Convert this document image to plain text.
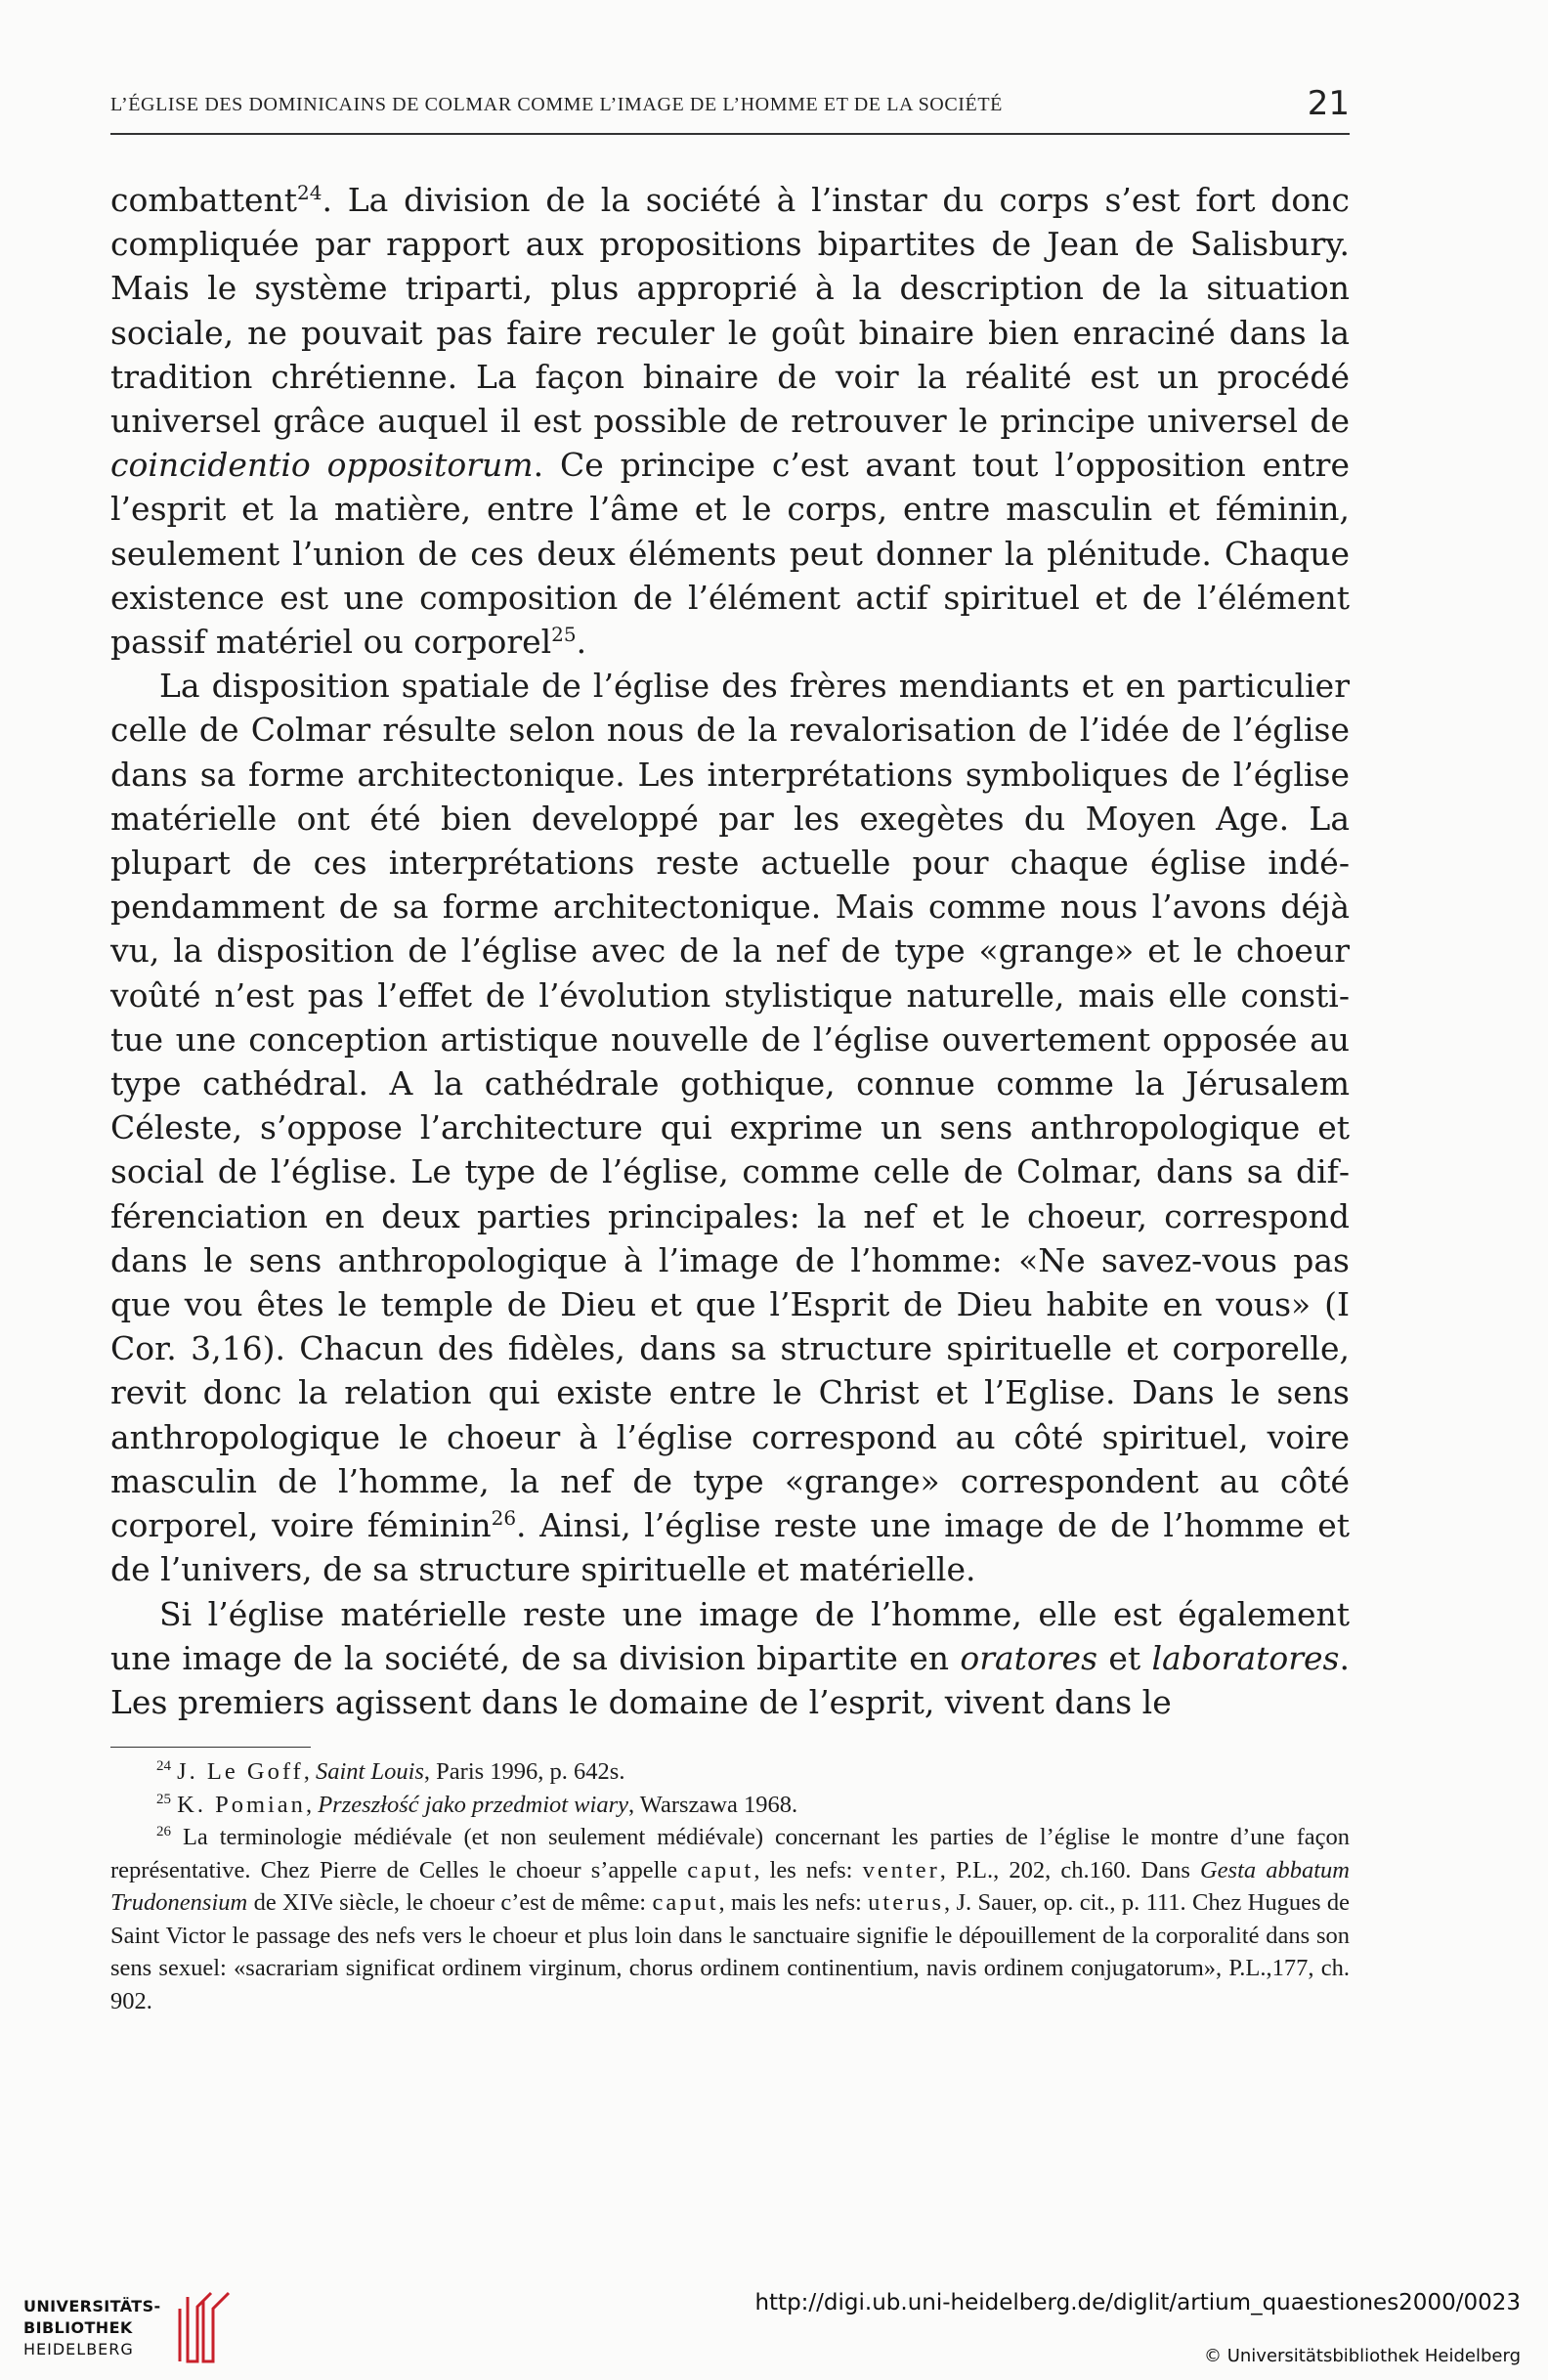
L’ÉGLISE DES DOMINICAINS DE COLMAR COMME L’IMAGE DE L’HOMME ET DE LA SOCIÉTÉ	21

combattent$^{24}$. La division de la société à l’instar du corps s’est fort donc compliquée par rapport aux propositions bipartites de Jean de Salisbury. Mais le système triparti, plus approprié à la description de la situation sociale, ne pouvait pas faire reculer le goût binaire bien enraciné dans la tradition chrétienne. La façon binaire de voir la réalité est un procédé universel grâce auquel il est possible de retrouver le principe universel de coincidentio oppositorum. Ce principe c’est avant tout l’opposition entre l’esprit et la matière, entre l’âme et le corps, entre masculin et féminin, seulement l’union de ces deux éléments peut donner la plénitude. Chaque existence est une composition de l’élément actif spirituel et de l’élément passif matériel ou corporel$^{25}$.

La disposition spatiale de l’église des frères mendiants et en particulier celle de Colmar résulte selon nous de la revalorisation de l’idée de l’église dans sa forme architectonique. Les interprétations symboliques de l’église matérielle ont été bien developpé par les exegètes du Moyen Age. La plupart de ces interprétations reste actuelle pour chaque église indépendamment de sa forme architectonique. Mais comme nous l’avons déjà vu, la disposition de l’église avec de la nef de type «grange» et le choeur voûté n’est pas l’effet de l’évolution stylistique naturelle, mais elle constitue une conception artistique nouvelle de l’église ouvertement opposée au type cathédral. A la cathédrale gothique, connue comme la Jérusalem Céleste, s’oppose l’architecture qui exprime un sens anthropologique et social de l’église. Le type de l’église, comme celle de Colmar, dans sa différenciation en deux parties principales: la nef et le choeur, correspond dans le sens anthropologique à l’image de l’homme: «Ne savez-vous pas que vou êtes le temple de Dieu et que l’Esprit de Dieu habite en vous» (I Cor. 3,16). Chacun des fidèles, dans sa structure spirituelle et corporelle, revit donc la relation qui existe entre le Christ et l’Eglise. Dans le sens anthropologique le choeur à l’église correspond au côté spirituel, voire masculin de l’homme, la nef de type «grange» correspondent au côté corporel, voire féminin$^{26}$. Ainsi, l’église reste une image de de l’homme et de l’univers, de sa structure spirituelle et matérielle.

Si l’église matérielle reste une image de l’homme, elle est également une image de la société, de sa division bipartite en oratores et laboratores. Les premiers agissent dans le domaine de l’esprit, vivent dans le

$^{24}$ J. Le Goff, Saint Louis, Paris 1996, p. 642s.

$^{25}$ K. Pomian, Przeszłość jako przedmiot wiary, Warszawa 1968.

$^{26}$ La terminologie médiévale (et non seulement médiévale) concernant les parties de l’église le montre d’une façon représentative. Chez Pierre de Celles le choeur s’appelle caput, les nefs: venter, P.L., 202, ch.160. Dans Gesta abbatum Trudonensium de XIVe siècle, le choeur c’est de même: caput, mais les nefs: uterus, J. Sauer, op. cit., p. 111. Chez Hugues de Saint Victor le passage des nefs vers le choeur et plus loin dans le sanctuaire signifie le dépouillement de la corporalité dans son sens sexuel: «sacrariam significat ordinem virginum, chorus ordinem continentium, navis ordinem conjugatorum», P.L.,177, ch. 902.

UNIVERSITÄTS-
BIBLIOTHEK
HEIDELBERG
http://digi.ub.uni-heidelberg.de/diglit/artium_quaestiones2000/0023
© Universitätsbibliothek Heidelberg
